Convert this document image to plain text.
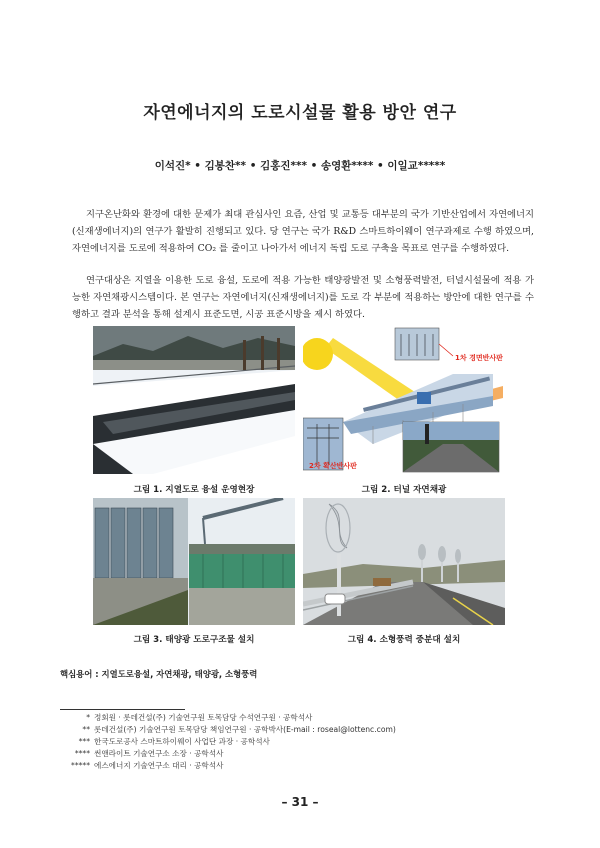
자연에너지의 도로시설물 활용 방안 연구
이석진* • 김봉찬** • 김홍진*** • 송영환**** • 이일교*****

지구온난화와 환경에 대한 문제가 최대 관심사인 요즘, 산업 및 교통등 대부분의 국가 기반산업에서 자연에너지(신재생에너지)의 연구가 활발히 진행되고 있다. 당 연구는 국가 R&D 스마트하이웨이 연구과제로 수행 하였으며, 자연에너지를 도로에 적용하여 CO₂ 를 줄이고 나아가서 에너지 독립 도로 구축을 목표로 연구를 수행하였다.

연구대상은 지열을 이용한 도로 융설, 도로에 적용 가능한 태양광발전 및 소형풍력발전, 터널시설물에 적용 가능한 자연채광시스템이다. 본 연구는 자연에너지(신재생에너지)를 도로 각 부분에 적용하는 방안에 대한 연구를 수행하고 결과 분석을 통해 설계시 표준도면, 시공 표준시방을 제시 하였다.

그림 1. 지열도로 융설 운영현장
1차 경면반사판
2차 확산반사판
그림 2. 터널 자연채광
그림 3. 태양광 도로구조물 설치	그림 4. 소형풍력 중분대 설치
핵심용어 : 지열도로융설, 자연채광, 태양광, 소형풍력
* 정회원 · 롯데건설(주) 기술연구원 토목담당 수석연구원 · 공학석사
** 롯데건설(주) 기술연구원 토목담당 책임연구원 · 공학박사(E-mail : roseal@lottenc.com)
*** 한국도로공사 스마트하이웨이 사업단 과장 · 공학석사
**** 썬앤라이트 기술연구소 소장 · 공학석사
***** 에스에너지 기술연구소 대리 · 공학석사
– 31 –
